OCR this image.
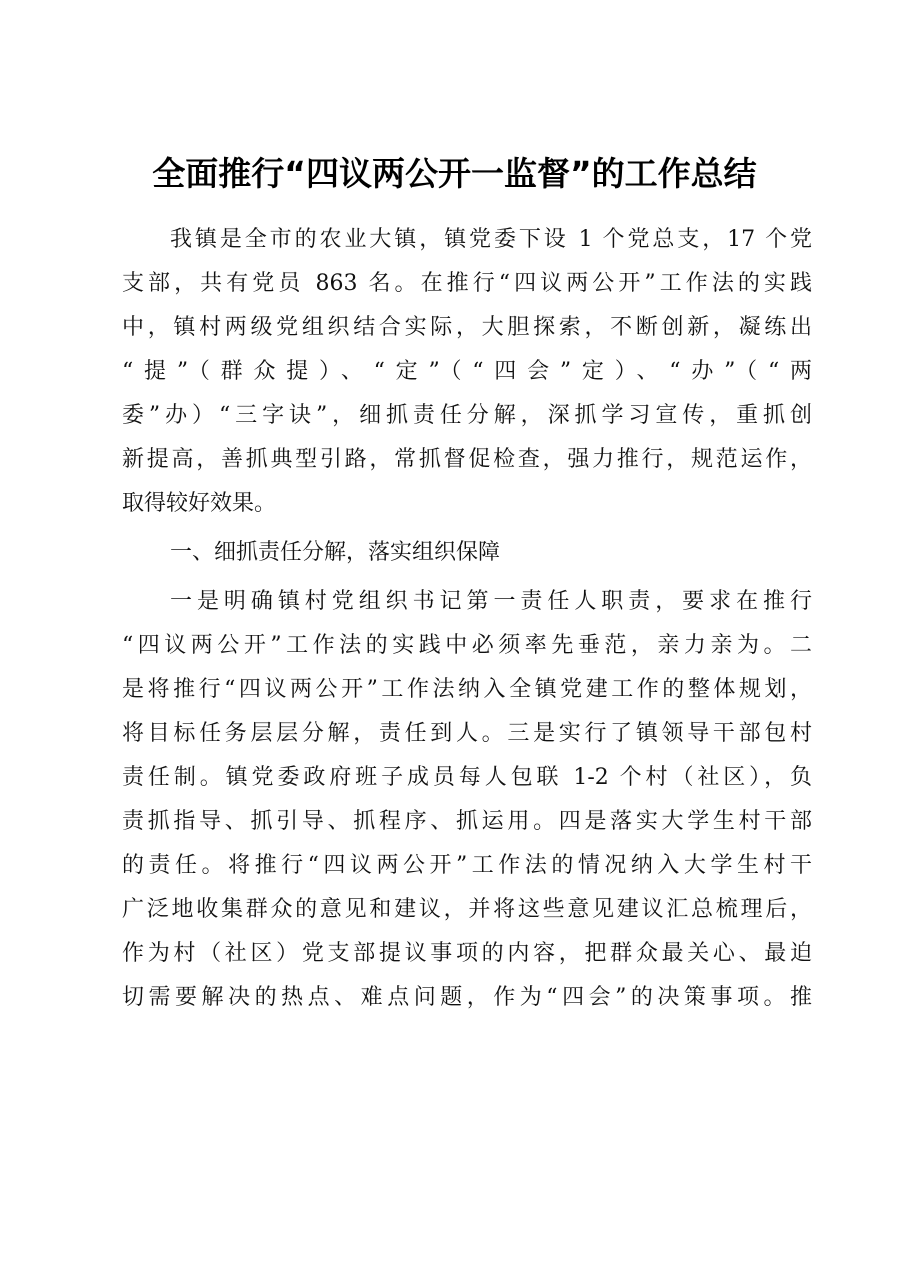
全面推行“四议两公开一监督”的工作总结
我镇是全市的农业大镇，镇党委下设 1 个党总支，17 个党
支部，共有党员 863 名。在推行“四议两公开”工作法的实践
中，镇村两级党组织结合实际，大胆探索，不断创新，凝练出
“提”（群众提）、“定”（“四会”定）、“办”（“两
委”办）“三字诀”，细抓责任分解，深抓学习宣传，重抓创
新提高，善抓典型引路，常抓督促检查，强力推行，规范运作，
取得较好效果。
一、细抓责任分解，落实组织保障
一是明确镇村党组织书记第一责任人职责，要求在推行
“四议两公开”工作法的实践中必须率先垂范，亲力亲为。二
是将推行“四议两公开”工作法纳入全镇党建工作的整体规划，
将目标任务层层分解，责任到人。三是实行了镇领导干部包村
责任制。镇党委政府班子成员每人包联 1-2 个村（社区），负
责抓指导、抓引导、抓程序、抓运用。四是落实大学生村干部
的责任。将推行“四议两公开”工作法的情况纳入大学生村干
广泛地收集群众的意见和建议，并将这些意见建议汇总梳理后，
作为村（社区）党支部提议事项的内容，把群众最关心、最迫
切需要解决的热点、难点问题，作为“四会”的决策事项。推
